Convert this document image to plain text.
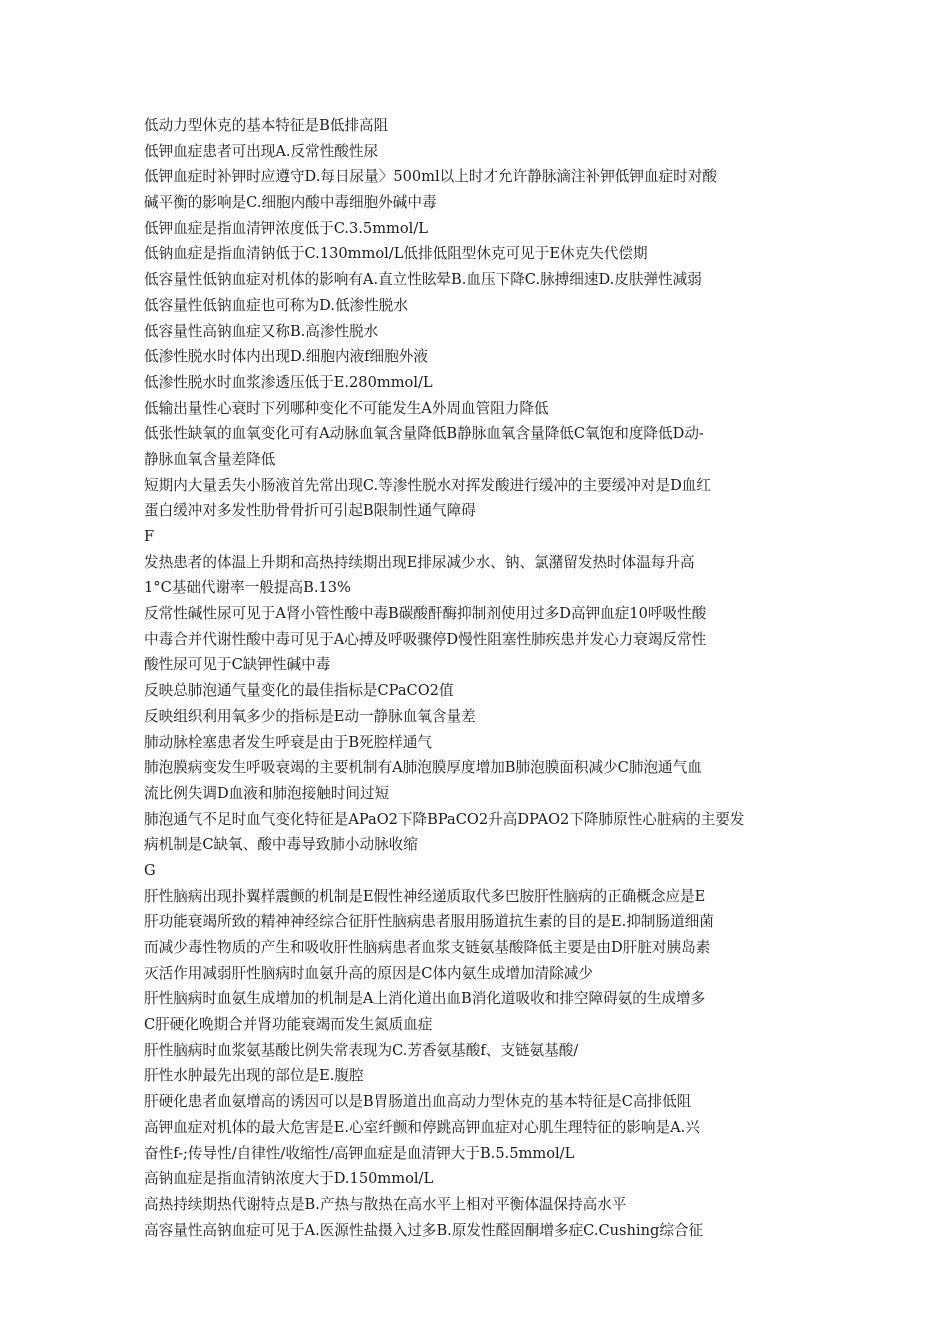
低动力型休克的基本特征是B低排高阻
低钾血症患者可出现A.反常性酸性尿
低钾血症时补钾时应遵守D.每日尿量〉500ml以上时才允许静脉滴注补钾低钾血症时对酸
碱平衡的影响是C.细胞内酸中毒细胞外碱中毒
低钾血症是指血清钾浓度低于C.3.5mmol/L
低钠血症是指血清钠低于C.130mmol/L低排低阻型休克可见于E休克失代偿期
低容量性低钠血症对机体的影响有A.直立性眩晕B.血压下降C.脉搏细速D.皮肤弹性减弱
低容量性低钠血症也可称为D.低渗性脱水
低容量性高钠血症又称B.高渗性脱水
低渗性脱水时体内出现D.细胞内液f细胞外液
低渗性脱水时血浆渗透压低于E.280mmol/L
低输出量性心衰时下列哪种变化不可能发生A外周血管阻力降低
低张性缺氧的血氧变化可有A动脉血氧含量降低B静脉血氧含量降低C氧饱和度降低D动-
静脉血氧含量差降低
短期内大量丢失小肠液首先常出现C.等渗性脱水对挥发酸进行缓冲的主要缓冲对是D血红
蛋白缓冲对多发性肋骨骨折可引起B限制性通气障碍
F
发热患者的体温上升期和高热持续期出现E排尿减少水、钠、氯潴留发热时体温每升高
1°C基础代谢率一般提高B.13%
反常性碱性尿可见于A肾小管性酸中毒B碳酸酐酶抑制剂使用过多D高钾血症10呼吸性酸
中毒合并代谢性酸中毒可见于A心搏及呼吸骤停D慢性阻塞性肺疾患并发心力衰竭反常性
酸性尿可见于C缺钾性碱中毒
反映总肺泡通气量变化的最佳指标是CPaCO2值
反映组织利用氧多少的指标是E动一静脉血氧含量差
肺动脉栓塞患者发生呼衰是由于B死腔样通气
肺泡膜病变发生呼吸衰竭的主要机制有A肺泡膜厚度增加B肺泡膜面积减少C肺泡通气血
流比例失调D血液和肺泡接触时间过短
肺泡通气不足时血气变化特征是APaO2下降BPaCO2升高DPAO2下降肺原性心脏病的主要发
病机制是C缺氧、酸中毒导致肺小动脉收缩
G
肝性脑病出现扑翼样震颤的机制是E假性神经递质取代多巴胺肝性脑病的正确概念应是E
肝功能衰竭所致的精神神经综合征肝性脑病患者服用肠道抗生素的目的是E.抑制肠道细菌
而减少毒性物质的产生和吸收肝性脑病患者血浆支链氨基酸降低主要是由D肝脏对胰岛素
灭活作用减弱肝性脑病时血氨升高的原因是C体内氨生成增加清除减少
肝性脑病时血氨生成增加的机制是A上消化道出血B消化道吸收和排空障碍氨的生成增多
C肝硬化晚期合并肾功能衰竭而发生氮质血症
肝性脑病时血浆氨基酸比例失常表现为C.芳香氨基酸f、支链氨基酸/
肝性水肿最先出现的部位是E.腹腔
肝硬化患者血氨增高的诱因可以是B胃肠道出血高动力型休克的基本特征是C高排低阻
高钾血症对机体的最大危害是E.心室纤颤和停跳高钾血症对心肌生理特征的影响是A.兴
奋性f-;传导性/自律性/收缩性/高钾血症是血清钾大于B.5.5mmol/L
高钠血症是指血清钠浓度大于D.150mmol/L
高热持续期热代谢特点是B.产热与散热在高水平上相对平衡体温保持高水平
高容量性高钠血症可见于A.医源性盐摄入过多B.原发性醛固酮增多症C.Cushing综合征
